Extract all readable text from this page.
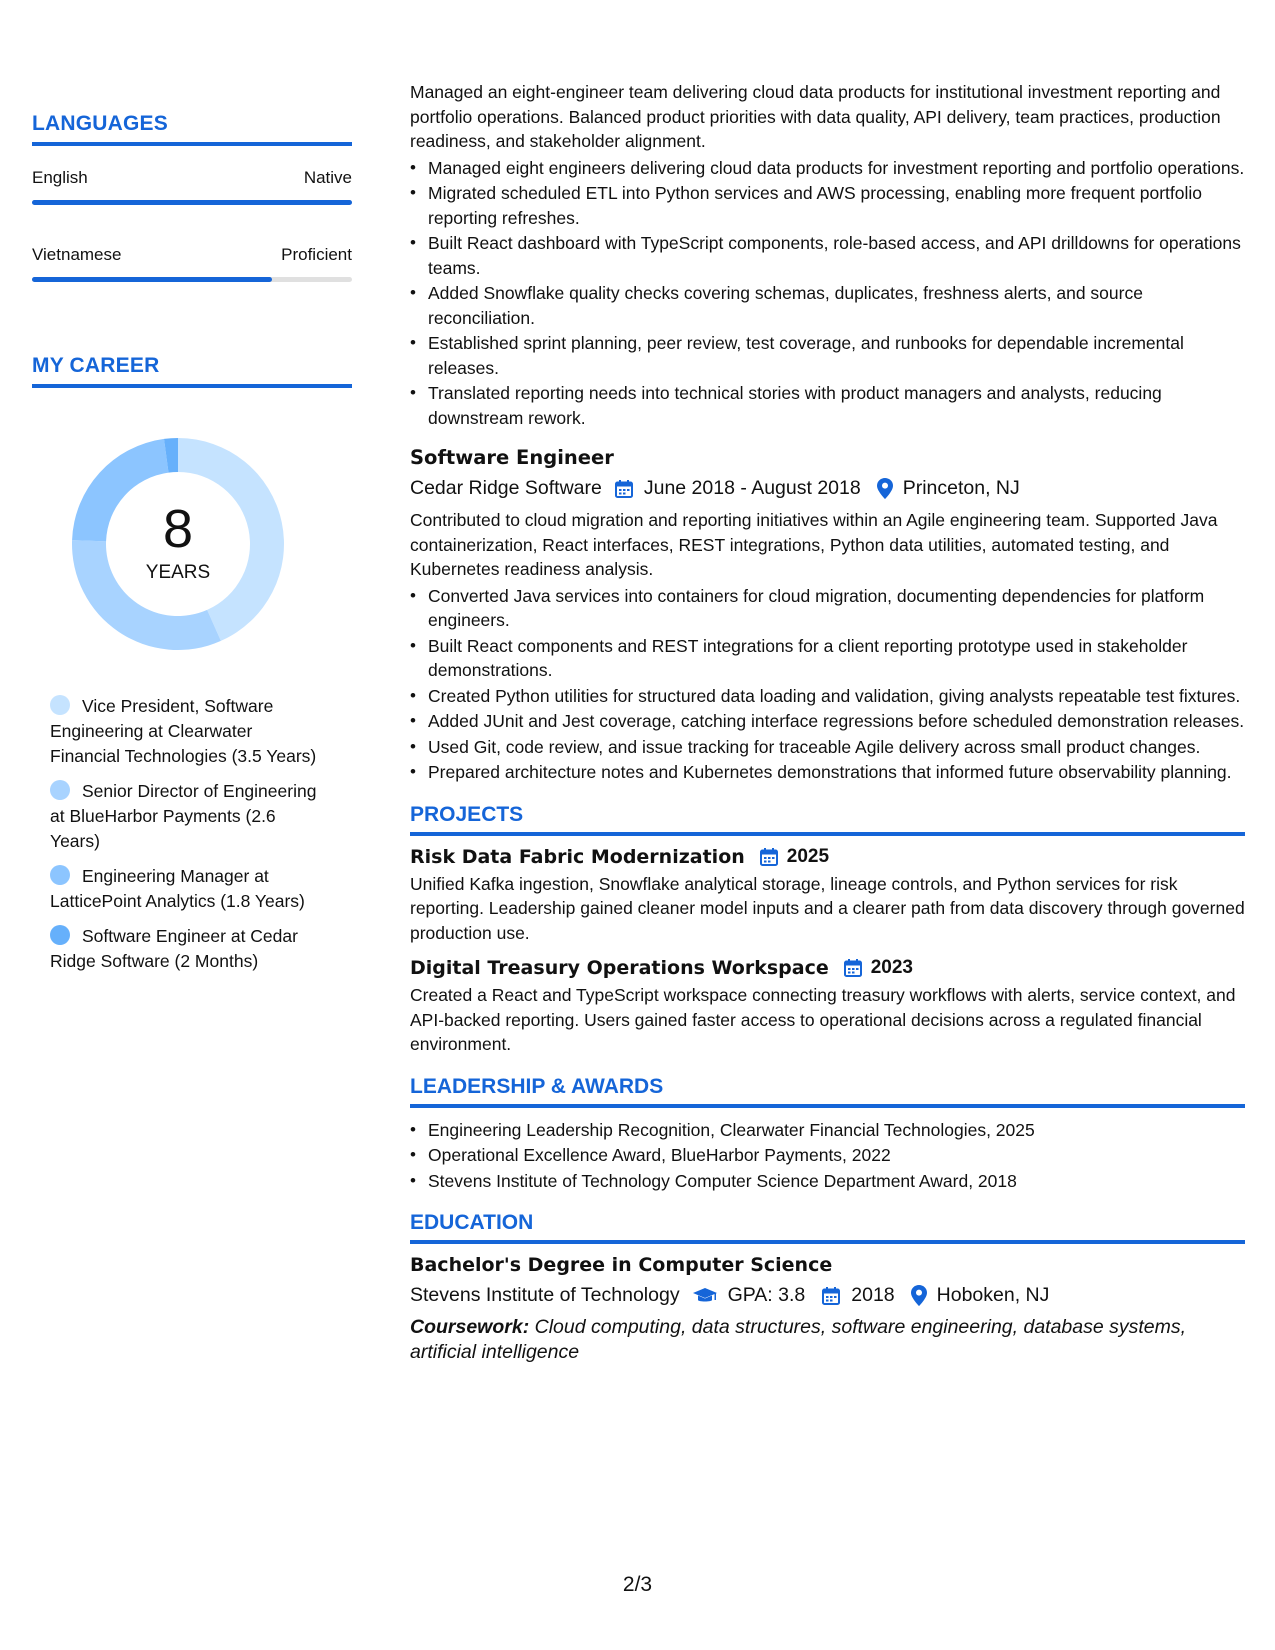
LANGUAGES
English	Native
Vietnamese	Proficient
MY CAREER
8
YEARS
Vice President, Software Engineering at Clearwater Financial Technologies (3.5 Years)
Senior Director of Engineering at BlueHarbor Payments (2.6 Years)
Engineering Manager at LatticePoint Analytics (1.8 Years)
Software Engineer at Cedar Ridge Software (2 Months)

Managed an eight-engineer team delivering cloud data products for institutional investment reporting and portfolio operations. Balanced product priorities with data quality, API delivery, team practices, production readiness, and stakeholder alignment.

• Managed eight engineers delivering cloud data products for investment reporting and portfolio operations.
• Migrated scheduled ETL into Python services and AWS processing, enabling more frequent portfolio reporting refreshes.
• Built React dashboard with TypeScript components, role-based access, and API drilldowns for operations teams.
• Added Snowflake quality checks covering schemas, duplicates, freshness alerts, and source reconciliation.
• Established sprint planning, peer review, test coverage, and runbooks for dependable incremental releases.
• Translated reporting needs into technical stories with product managers and analysts, reducing downstream rework.
Software Engineer
Cedar Ridge Software June 2018 - August 2018 Princeton, NJ

Contributed to cloud migration and reporting initiatives within an Agile engineering team. Supported Java containerization, React interfaces, REST integrations, Python data utilities, automated testing, and Kubernetes readiness analysis.

• Converted Java services into containers for cloud migration, documenting dependencies for platform engineers.
• Built React components and REST integrations for a client reporting prototype used in stakeholder demonstrations.
• Created Python utilities for structured data loading and validation, giving analysts repeatable test fixtures.
• Added JUnit and Jest coverage, catching interface regressions before scheduled demonstration releases.
• Used Git, code review, and issue tracking for traceable Agile delivery across small product changes.
• Prepared architecture notes and Kubernetes demonstrations that informed future observability planning.
PROJECTS
Risk Data Fabric Modernization 2025

Unified Kafka ingestion, Snowflake analytical storage, lineage controls, and Python services for risk reporting. Leadership gained cleaner model inputs and a clearer path from data discovery through governed production use.

Digital Treasury Operations Workspace 2023

Created a React and TypeScript workspace connecting treasury workflows with alerts, service context, and API-backed reporting. Users gained faster access to operational decisions across a regulated financial environment.

LEADERSHIP & AWARDS
• Engineering Leadership Recognition, Clearwater Financial Technologies, 2025
• Operational Excellence Award, BlueHarbor Payments, 2022
• Stevens Institute of Technology Computer Science Department Award, 2018
EDUCATION
Bachelor's Degree in Computer Science
Stevens Institute of Technology GPA: 3.8 2018 Hoboken, NJ
Coursework: Cloud computing, data structures, software engineering, database systems, artificial intelligence
2/3
